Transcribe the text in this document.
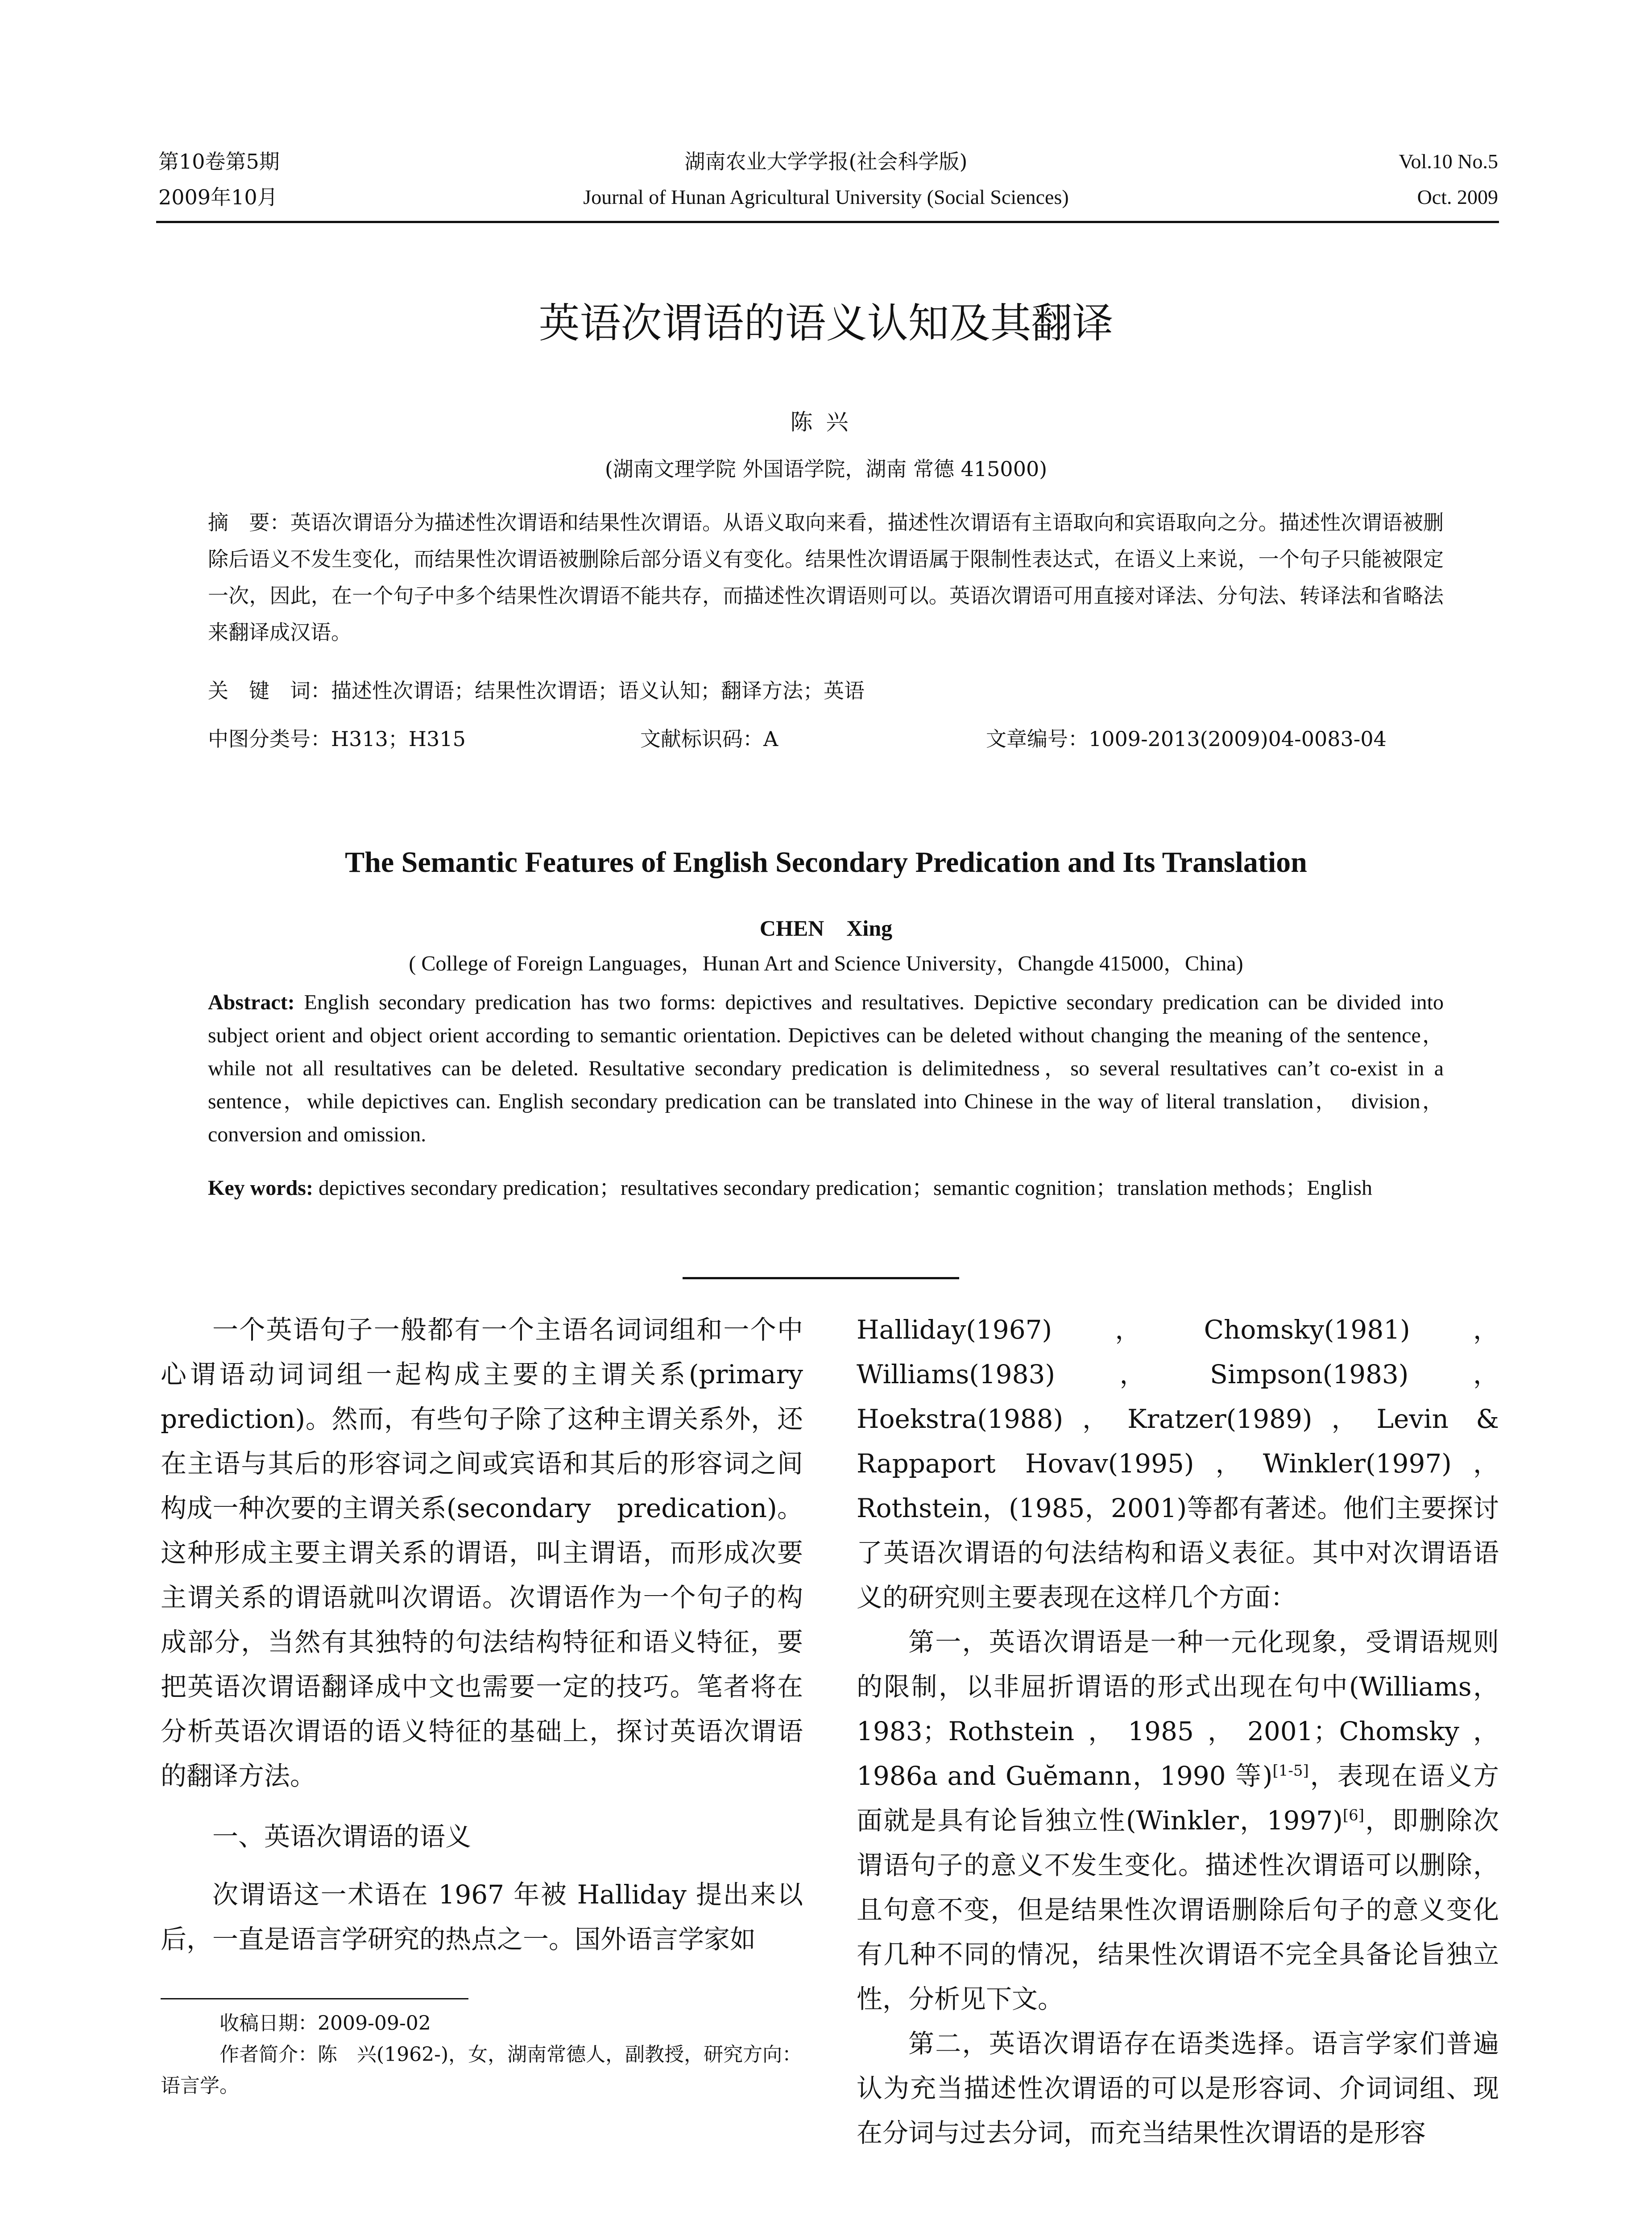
第10卷第5期
2009年10月
湖南农业大学学报(社会科学版)
Journal of Hunan Agricultural University (Social Sciences)
Vol.10 No.5
Oct. 2009
英语次谓语的语义认知及其翻译
陈兴
(湖南文理学院 外国语学院，湖南 常德 415000)
摘　要：英语次谓语分为描述性次谓语和结果性次谓语。从语义取向来看，描述性次谓语有主语取向和宾语取向之分。描述性次谓语被删除后语义不发生变化，而结果性次谓语被删除后部分语义有变化。结果性次谓语属于限制性表达式，在语义上来说，一个句子只能被限定一次，因此，在一个句子中多个结果性次谓语不能共存，而描述性次谓语则可以。英语次谓语可用直接对译法、分句法、转译法和省略法来翻译成汉语。
关　键　词：描述性次谓语；结果性次谓语；语义认知；翻译方法；英语
中图分类号：H313；H315	文献标识码：A	文章编号：1009-2013(2009)04-0083-04
The Semantic Features of English Secondary Predication and Its Translation
CHEN　Xing
( College of Foreign Languages，Hunan Art and Science University，Changde 415000，China)
Abstract: English secondary predication has two forms: depictives and resultatives. Depictive secondary predication can be divided into subject orient and object orient according to semantic orientation. Depictives can be deleted without changing the meaning of the sentence，while not all resultatives can be deleted. Resultative secondary predication is delimitedness，so several resultatives can’t co-exist in a sentence，while depictives can. English secondary predication can be translated into Chinese in the way of literal translation，　division，conversion and omission.
Key words: depictives secondary predication；resultatives secondary predication；semantic cognition；translation methods；English

一个英语句子一般都有一个主语名词词组和一个中心谓语动词词组一起构成主要的主谓关系(primary prediction)。然而，有些句子除了这种主谓关系外，还在主语与其后的形容词之间或宾语和其后的形容词之间构成一种次要的主谓关系(secondary　predication)。这种形成主要主谓关系的谓语，叫主谓语，而形成次要主谓关系的谓语就叫次谓语。次谓语作为一个句子的构成部分，当然有其独特的句法结构特征和语义特征，要把英语次谓语翻译成中文也需要一定的技巧。笔者将在分析英语次谓语的语义特征的基础上，探讨英语次谓语的翻译方法。

一、英语次谓语的语义

次谓语这一术语在 1967 年被 Halliday 提出来以后，一直是语言学研究的热点之一。国外语言学家如

收稿日期：2009-09-02
作者简介：陈　兴(1962-)，女，湖南常德人，副教授，研究方向：语言学。

Halliday(1967)，Chomsky(1981)，Williams(1983)，Simpson(1983)，Hoekstra(1988)，Kratzer(1989)，Levin & Rappaport Hovav(1995)，Winkler(1997)，Rothstein，(1985，2001)等都有著述。他们主要探讨了英语次谓语的句法结构和语义表征。其中对次谓语语义的研究则主要表现在这样几个方面：

第一，英语次谓语是一种一元化现象，受谓语规则的限制，以非屈折谓语的形式出现在句中(Williams，1983；Rothstein，1985，2001；Chomsky，1986a and Guĕmann，1990 等)[1-5]，表现在语义方面就是具有论旨独立性(Winkler，1997)[6]，即删除次谓语句子的意义不发生变化。描述性次谓语可以删除，且句意不变，但是结果性次谓语删除后句子的意义变化有几种不同的情况，结果性次谓语不完全具备论旨独立性，分析见下文。

第二，英语次谓语存在语类选择。语言学家们普遍认为充当描述性次谓语的可以是形容词、介词词组、现在分词与过去分词，而充当结果性次谓语的是形容
